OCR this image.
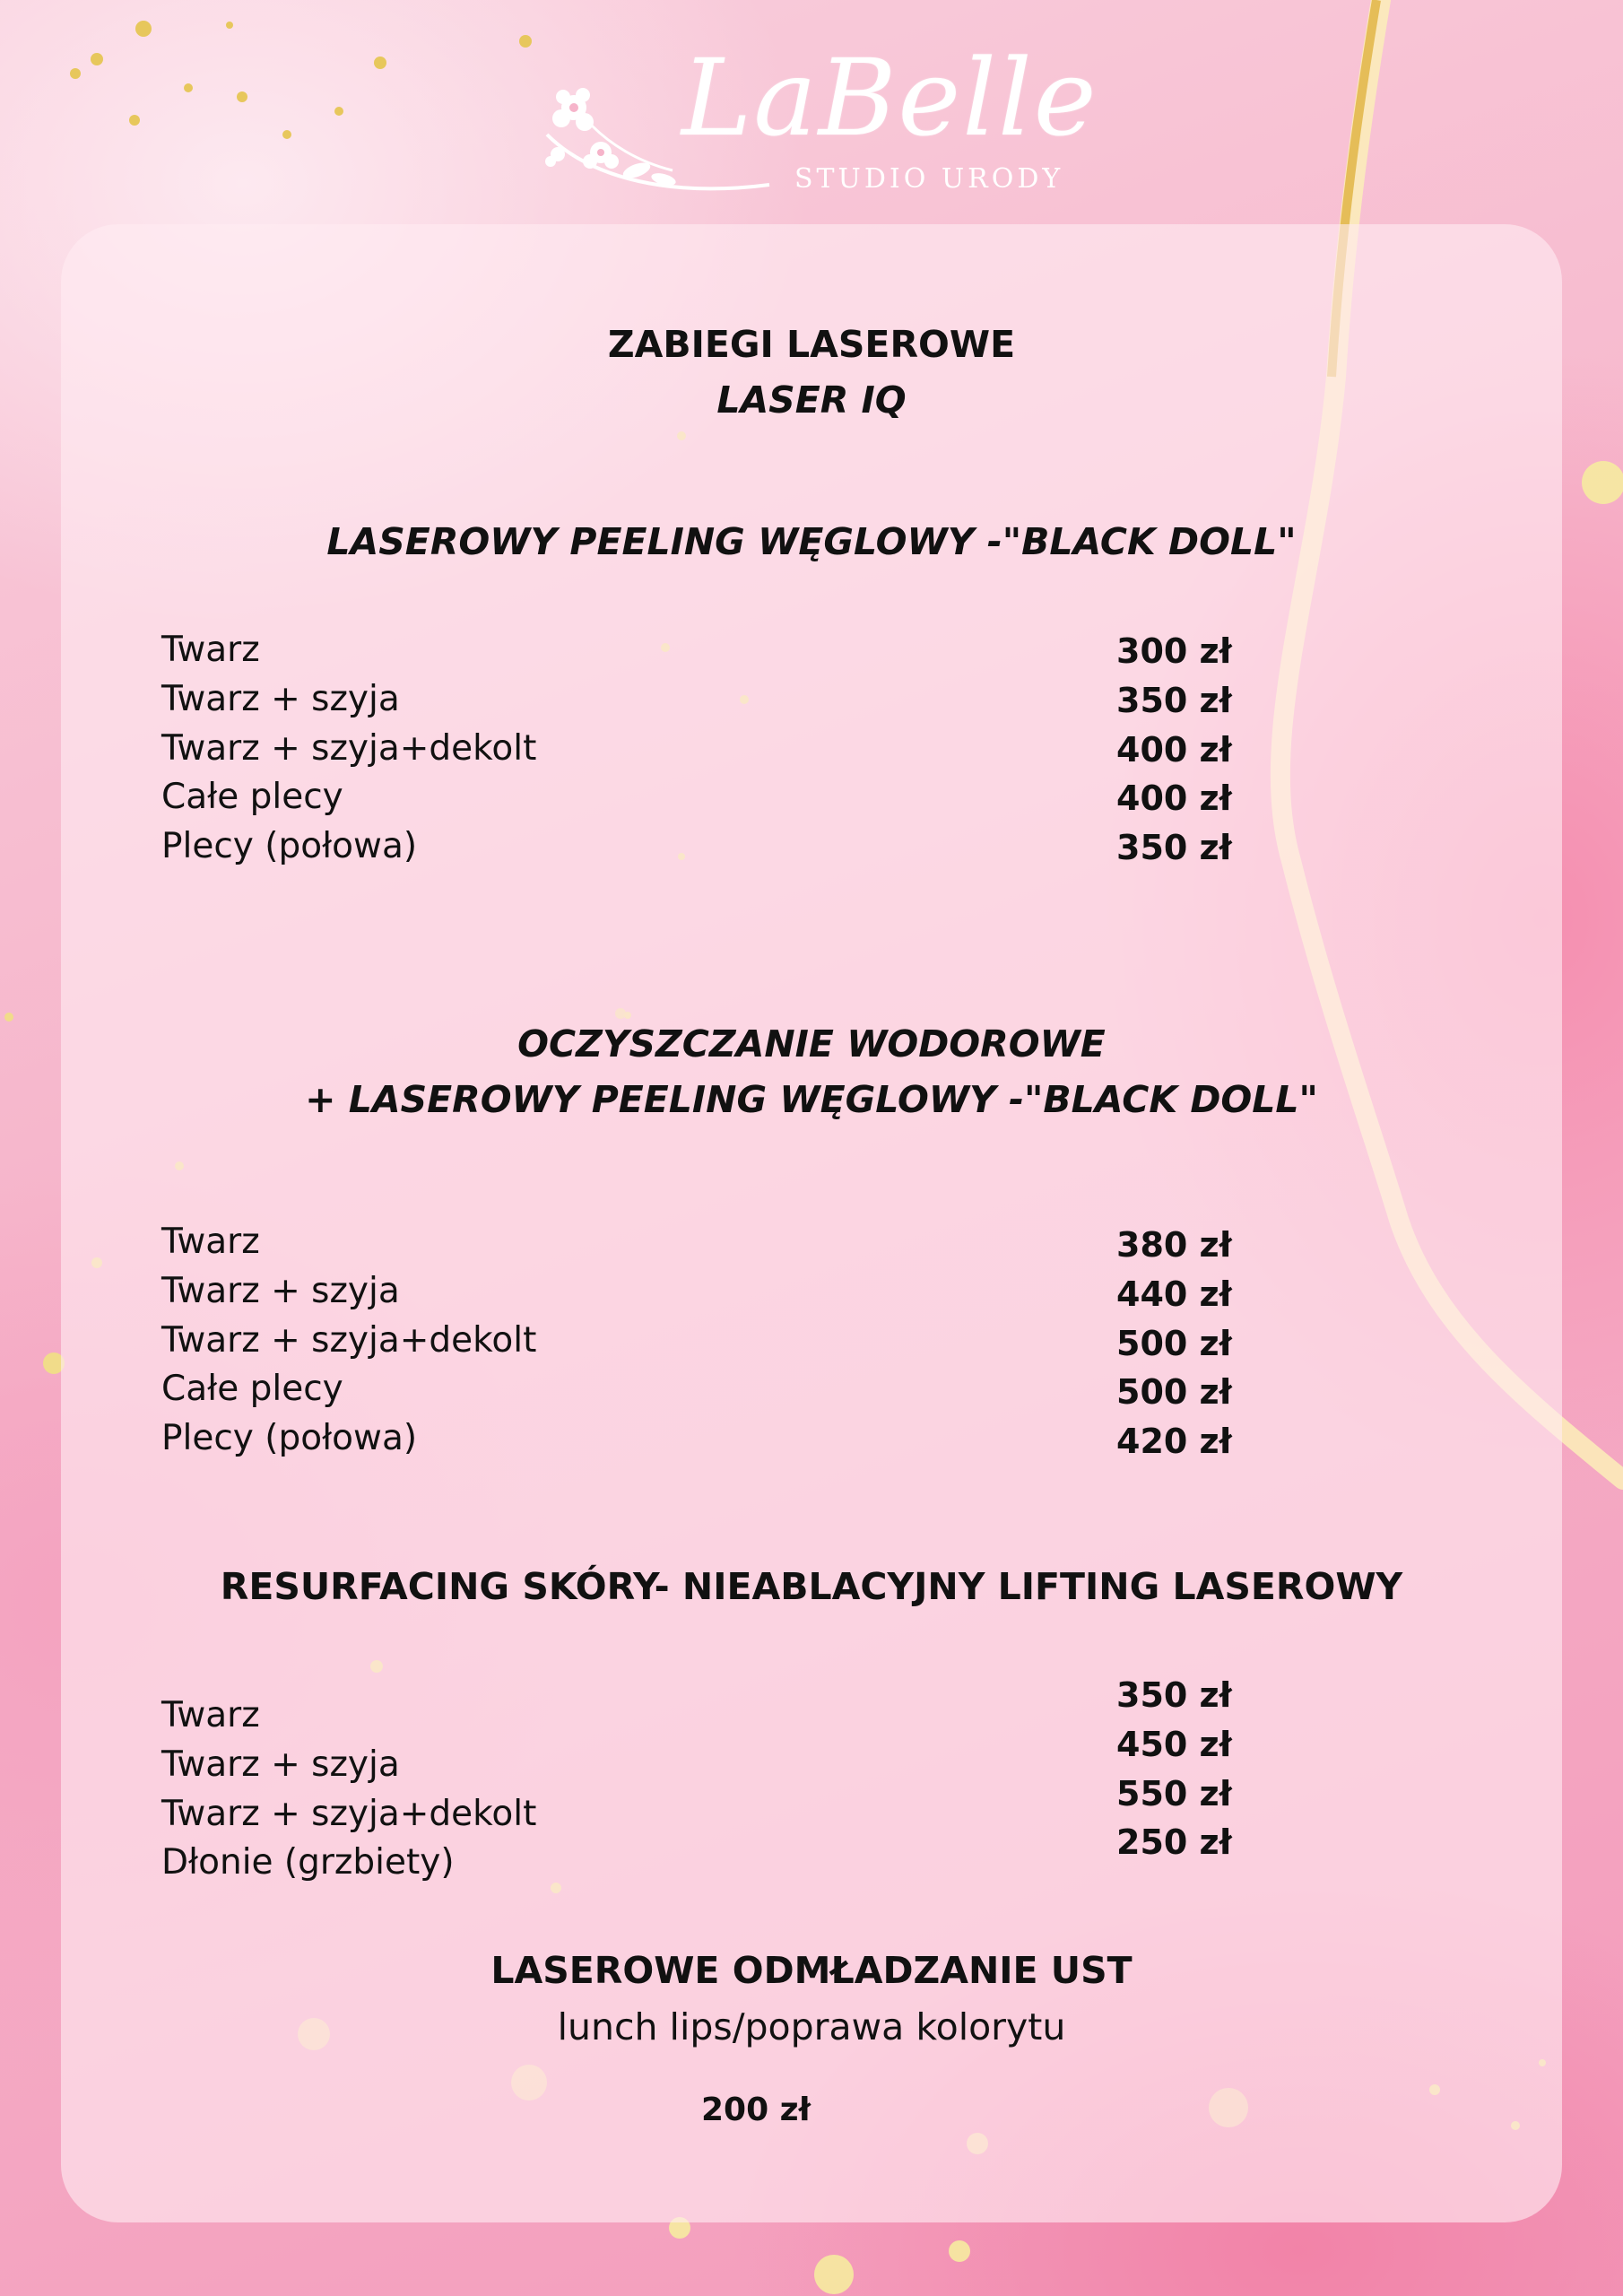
LaBelle
STUDIO URODY
ZABIEGI LASEROWE
LASER IQ
LASEROWY PEELING WĘGLOWY -"BLACK DOLL"
Twarz
Twarz + szyja
Twarz + szyja+dekolt
Całe plecy
Plecy (połowa)
300 zł
350 zł
400 zł
400 zł
350 zł
OCZYSZCZANIE WODOROWE
+ LASEROWY PEELING WĘGLOWY -"BLACK DOLL"
Twarz
Twarz + szyja
Twarz + szyja+dekolt
Całe plecy
Plecy (połowa)
380 zł
440 zł
500 zł
500 zł
420 zł
RESURFACING SKÓRY- NIEABLACYJNY LIFTING LASEROWY
Twarz
Twarz + szyja
Twarz + szyja+dekolt
Dłonie (grzbiety)
350 zł
450 zł
550 zł
250 zł
LASEROWE ODMŁADZANIE UST
lunch lips/poprawa kolorytu
200 zł
